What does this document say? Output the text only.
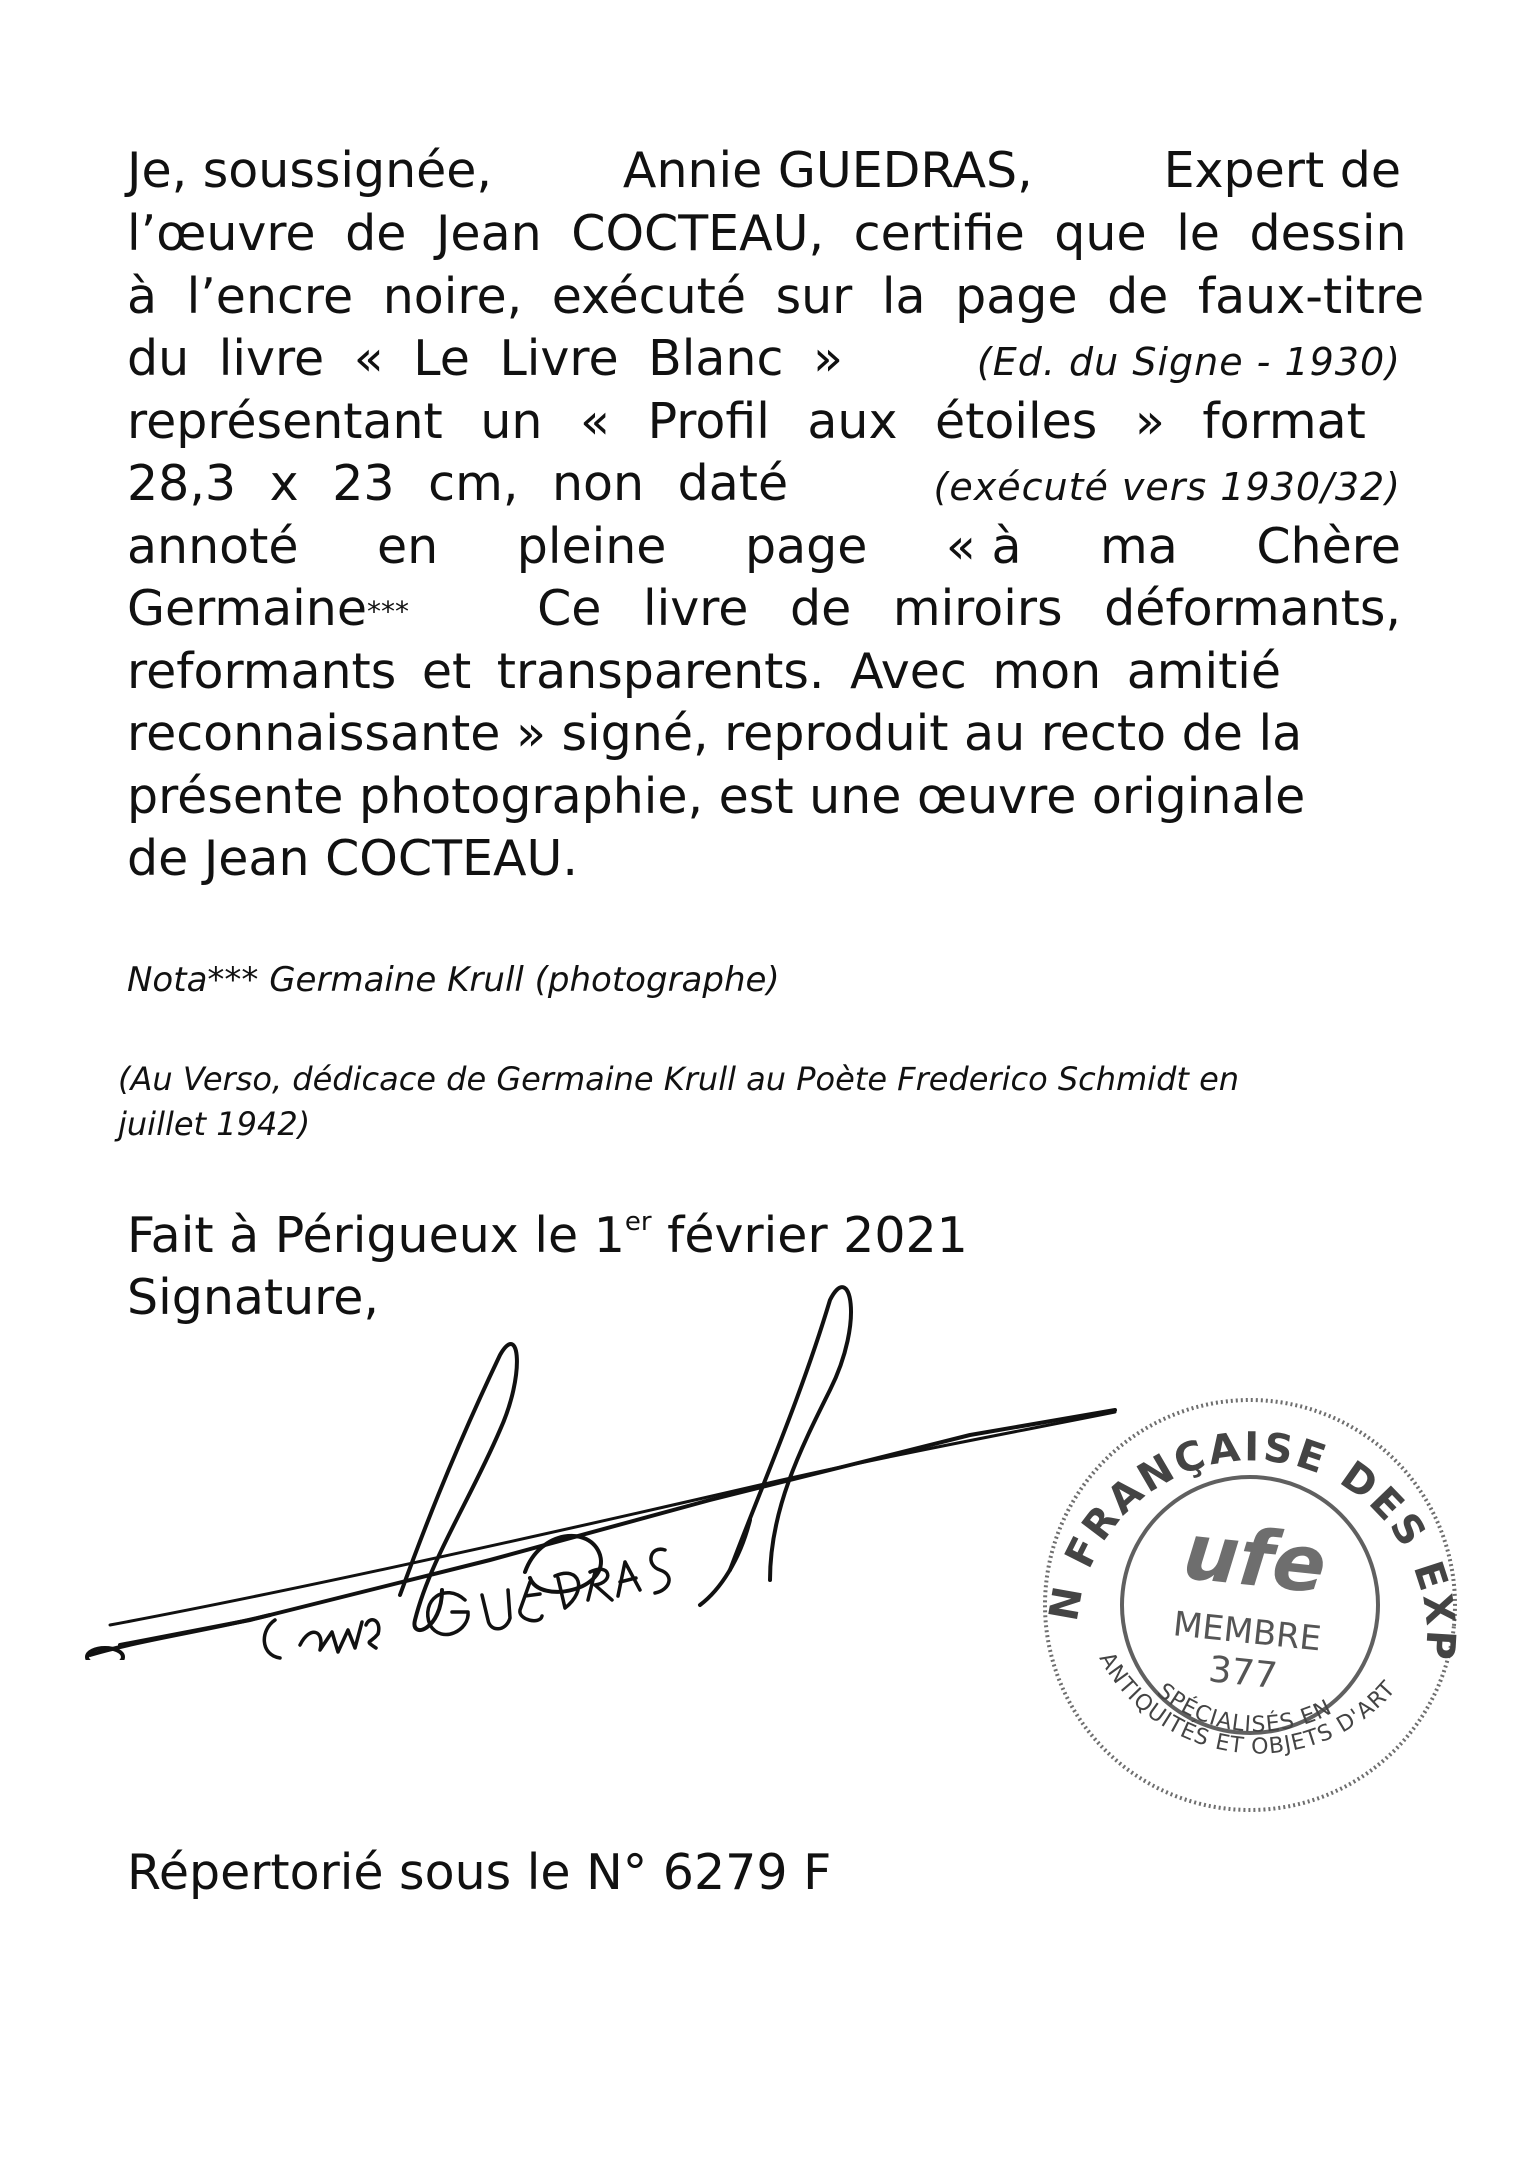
Je, soussignée,	Annie GUEDRAS,	Expert de
l’œuvre de Jean COCTEAU, certifie que le dessin
à l’encre noire, exécuté sur la page de faux-titre
du livre « Le Livre Blanc »	(Ed. du Signe - 1930)
représentant un « Profil aux étoiles » format
28,3 x 23 cm, non daté	(exécuté vers 1930/32)
annoté en pleine page « à ma Chère
Germaine***	Ce livre de miroirs déformants,
reformants et transparents. Avec mon amitié
reconnaissante » signé, reproduit au recto de la
présente photographie, est une œuvre originale
de Jean COCTEAU.
Nota*** Germaine Krull (photographe)
(Au Verso, dédicace de Germaine Krull au Poète Frederico Schmidt en
juillet 1942)
Fait à Périgueux le 1er février 2021
Signature,
UNION FRANÇAISE DES EXPERTS
ufe
MEMBRE
377
SPÉCIALISÉS EN
ANTIQUITÉS ET OBJETS D'ART
Répertorié sous le N° 6279 F
